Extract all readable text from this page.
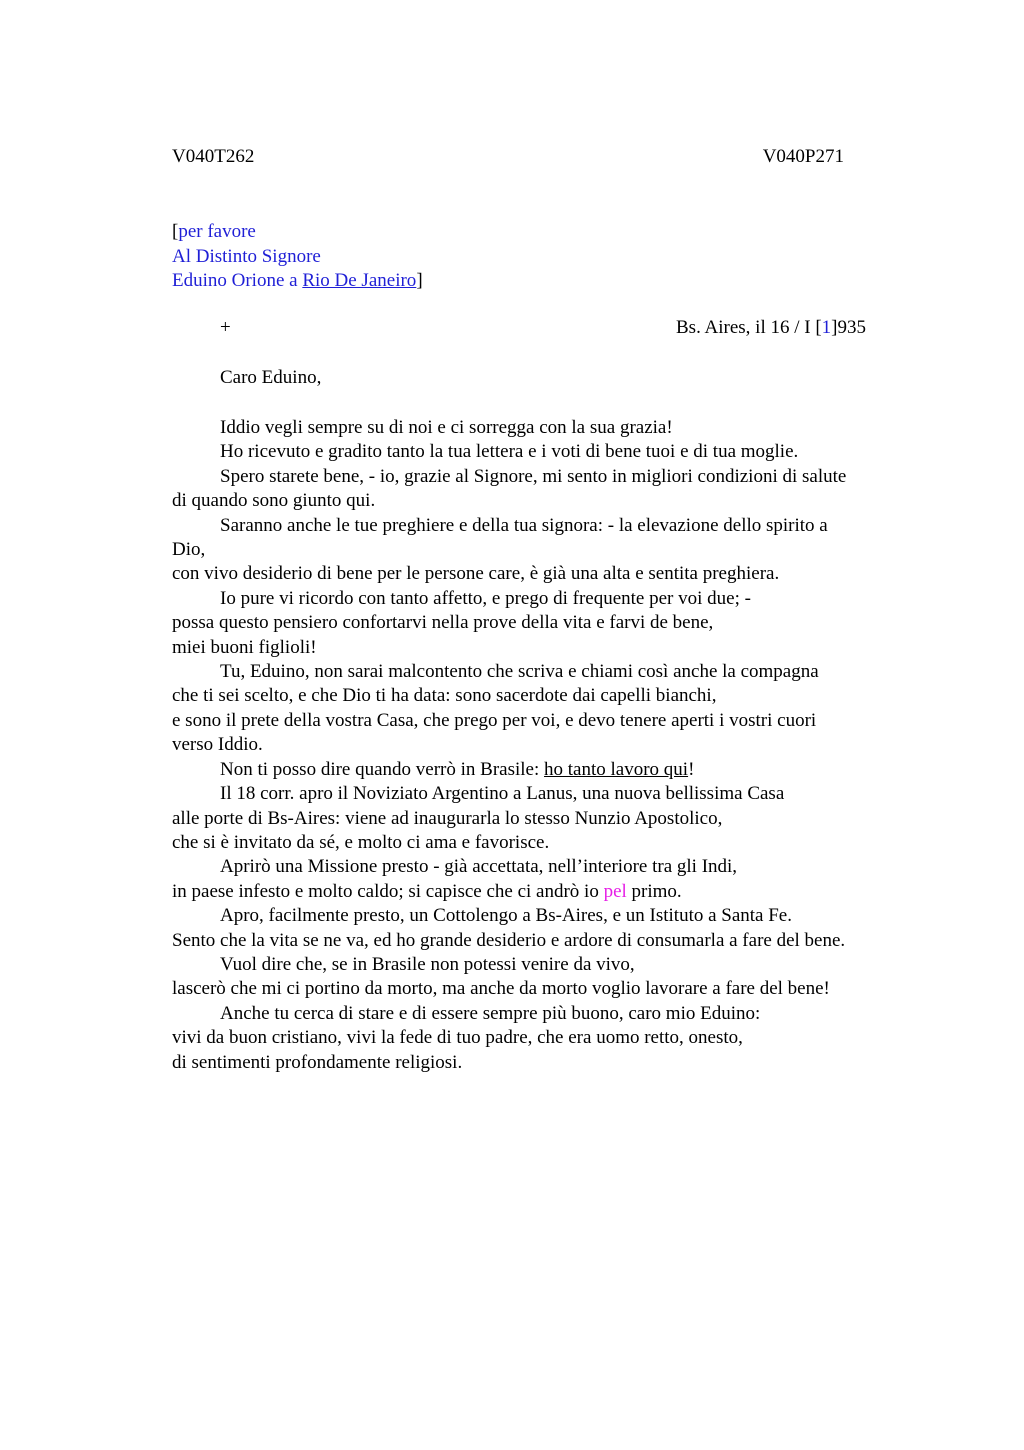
V040T262	V040P271
[per favore
Al Distinto Signore
Eduino Orione a Rio De Janeiro]
+	Bs. Aires, il 16 / I [1]935
Caro Eduino,
Iddio vegli sempre su di noi e ci sorregga con la sua grazia!
Ho ricevuto e gradito tanto la tua lettera e i voti di bene tuoi e di tua moglie.
Spero starete bene, - io, grazie al Signore, mi sento in migliori condizioni di salute
di quando sono giunto qui.
Saranno anche le tue preghiere e della tua signora: - la elevazione dello spirito a
Dio,
con vivo desiderio di bene per le persone care, è già una alta e sentita preghiera.
Io pure vi ricordo con tanto affetto, e prego di frequente per voi due; -
possa questo pensiero confortarvi nella prove della vita e farvi de bene,
miei buoni figlioli!
Tu, Eduino, non sarai malcontento che scriva e chiami così anche la compagna
che ti sei scelto, e che Dio ti ha data: sono sacerdote dai capelli bianchi,
e sono il prete della vostra Casa, che prego per voi, e devo tenere aperti i vostri cuori
verso Iddio.
Non ti posso dire quando verrò in Brasile: ho tanto lavoro qui!
Il 18 corr. apro il Noviziato Argentino a Lanus, una nuova bellissima Casa
alle porte di Bs-Aires: viene ad inaugurarla lo stesso Nunzio Apostolico,
che si è invitato da sé, e molto ci ama e favorisce.
Aprirò una Missione presto - già accettata, nell’interiore tra gli Indi,
in paese infesto e molto caldo; si capisce che ci andrò io pel primo.
Apro, facilmente presto, un Cottolengo a Bs-Aires, e un Istituto a Santa Fe.
Sento che la vita se ne va, ed ho grande desiderio e ardore di consumarla a fare del bene.
Vuol dire che, se in Brasile non potessi venire da vivo,
lascerò che mi ci portino da morto, ma anche da morto voglio lavorare a fare del bene!
Anche tu cerca di stare e di essere sempre più buono, caro mio Eduino:
vivi da buon cristiano, vivi la fede di tuo padre, che era uomo retto, onesto,
di sentimenti profondamente religiosi.
